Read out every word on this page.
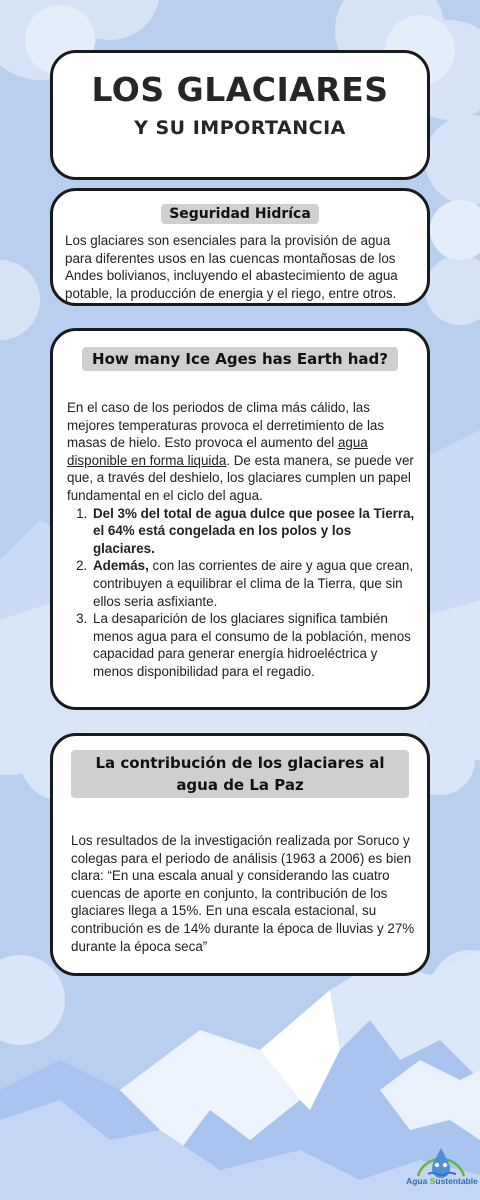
LOS GLACIARES
Y SU IMPORTANCIA
Seguridad Hidríca
Los glaciares son esenciales para la provisión de agua para diferentes usos en las cuencas montañosas de los Andes bolivianos, incluyendo el abastecimiento de agua potable, la producción de energia y el riego, entre otros.
How many Ice Ages has Earth had?
En el caso de los periodos de clima más cálido, las mejores temperaturas provoca el derretimiento de las masas de hielo. Esto provoca el aumento del agua disponible en forma liquida. De esta manera, se puede ver que, a través del deshielo, los glaciares cumplen un papel fundamental en el ciclo del agua.
1. Del 3% del total de agua dulce que posee la Tierra, el 64% está congelada en los polos y los glaciares.
2. Además, con las corrientes de aire y agua que crean, contribuyen a equilibrar el clima de la Tierra, que sin ellos seria asfixiante.
3. La desaparición de los glaciares significa también menos agua para el consumo de la población, menos capacidad para generar energía hidroeléctrica y menos disponibilidad para el regadio.
La contribución de los glaciares al agua de La Paz
Los resultados de la investigación realizada por Soruco y colegas para el periodo de análisis (1963 a 2006) es bien clara: “En una escala anual y considerando las cuatro cuencas de aporte en conjunto, la contribución de los glaciares llega a 15%. En una escala estacional, su contribución es de 14% durante la época de lluvias y 27% durante la época seca”
Agua Sustentable
